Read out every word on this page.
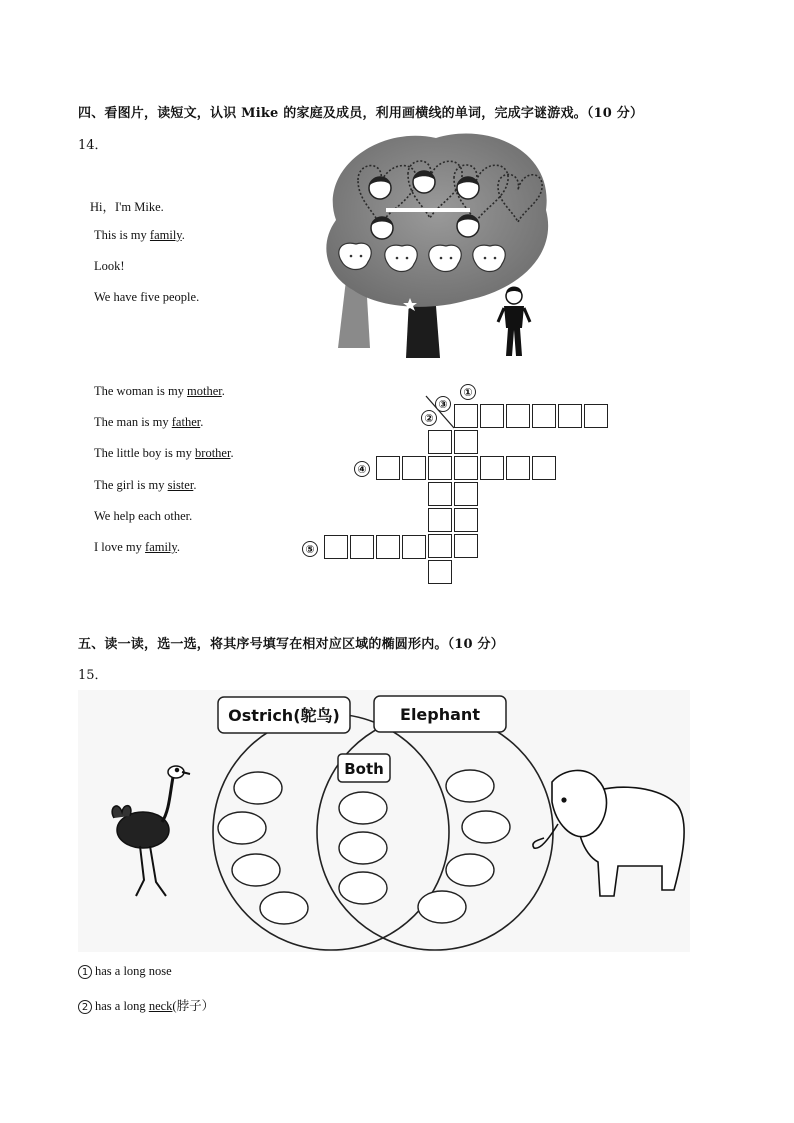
四、看图片，读短文，认识 Mike 的家庭及成员，利用画横线的单词，完成字谜游戏。（10 分）
14．
Hi，I'm Mike.
This is my family.
Look!
We have five people.
The woman is my mother.
The man is my father.
The little boy is my brother.
The girl is my sister.
We help each other.
I love my family.
①
②
③
④
⑤
五、读一读，选一选，将其序号填写在相对应区域的椭圆形内。（10 分）
15．
Ostrich(鸵鸟)	Elephant
Both
1 has a long nose
2 has a long neck(脖子）
